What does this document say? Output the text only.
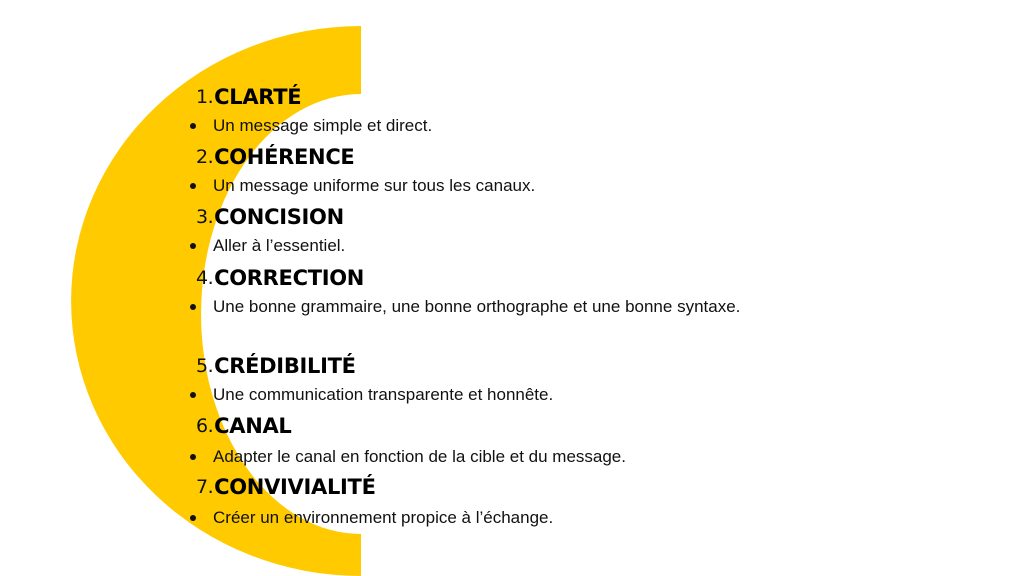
1. CLARTÉ
Un message simple et direct.
2. COHÉRENCE
Un message uniforme sur tous les canaux.
3. CONCISION
Aller à l’essentiel.
4. CORRECTION
Une bonne grammaire, une bonne orthographe et une bonne syntaxe.
5. CRÉDIBILITÉ
Une communication transparente et honnête.
6. CANAL
Adapter le canal en fonction de la cible et du message.
7. CONVIVIALITÉ
Créer un environnement propice à l’échange.
